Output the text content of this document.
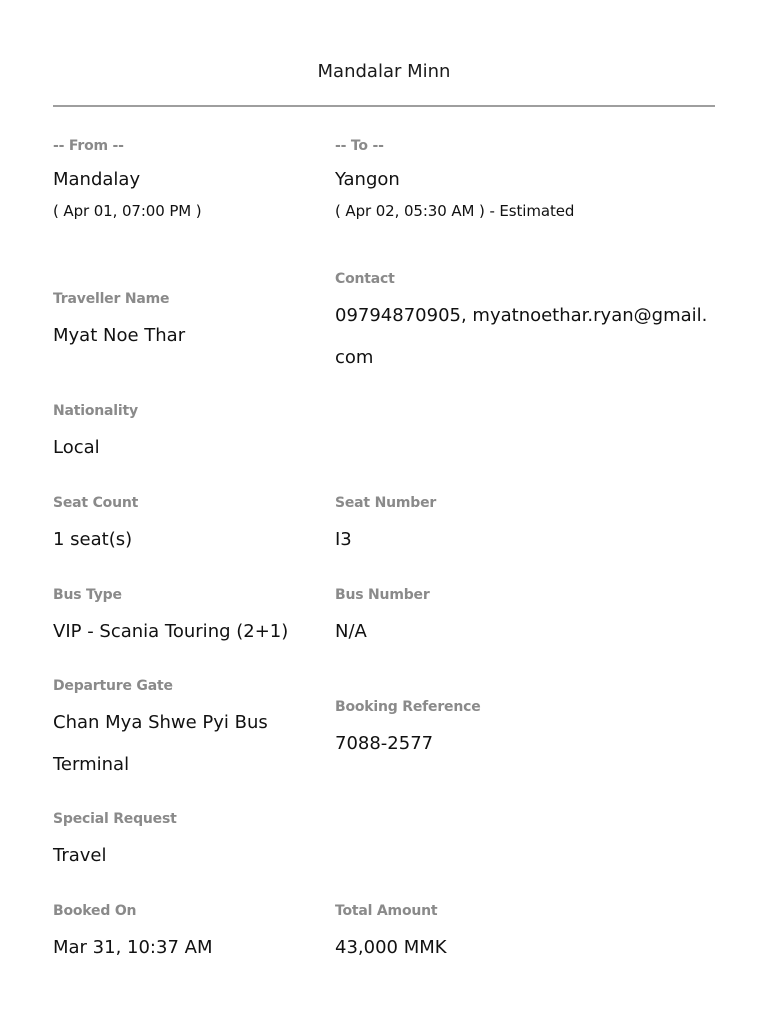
Mandalar Minn
-- From --
Mandalay
( Apr 01, 07:00 PM )
-- To --
Yangon
( Apr 02, 05:30 AM ) - Estimated
Traveller Name
Myat Noe Thar
Contact
09794870905, myatnoethar.ryan@gmail.
com
Nationality
Local
Seat Count
1 seat(s)
Seat Number
I3
Bus Type
VIP - Scania Touring (2+1)
Bus Number
N/A
Departure Gate
Chan Mya Shwe Pyi Bus
Terminal
Booking Reference
7088-2577
Special Request
Travel
Booked On
Mar 31, 10:37 AM
Total Amount
43,000 MMK
